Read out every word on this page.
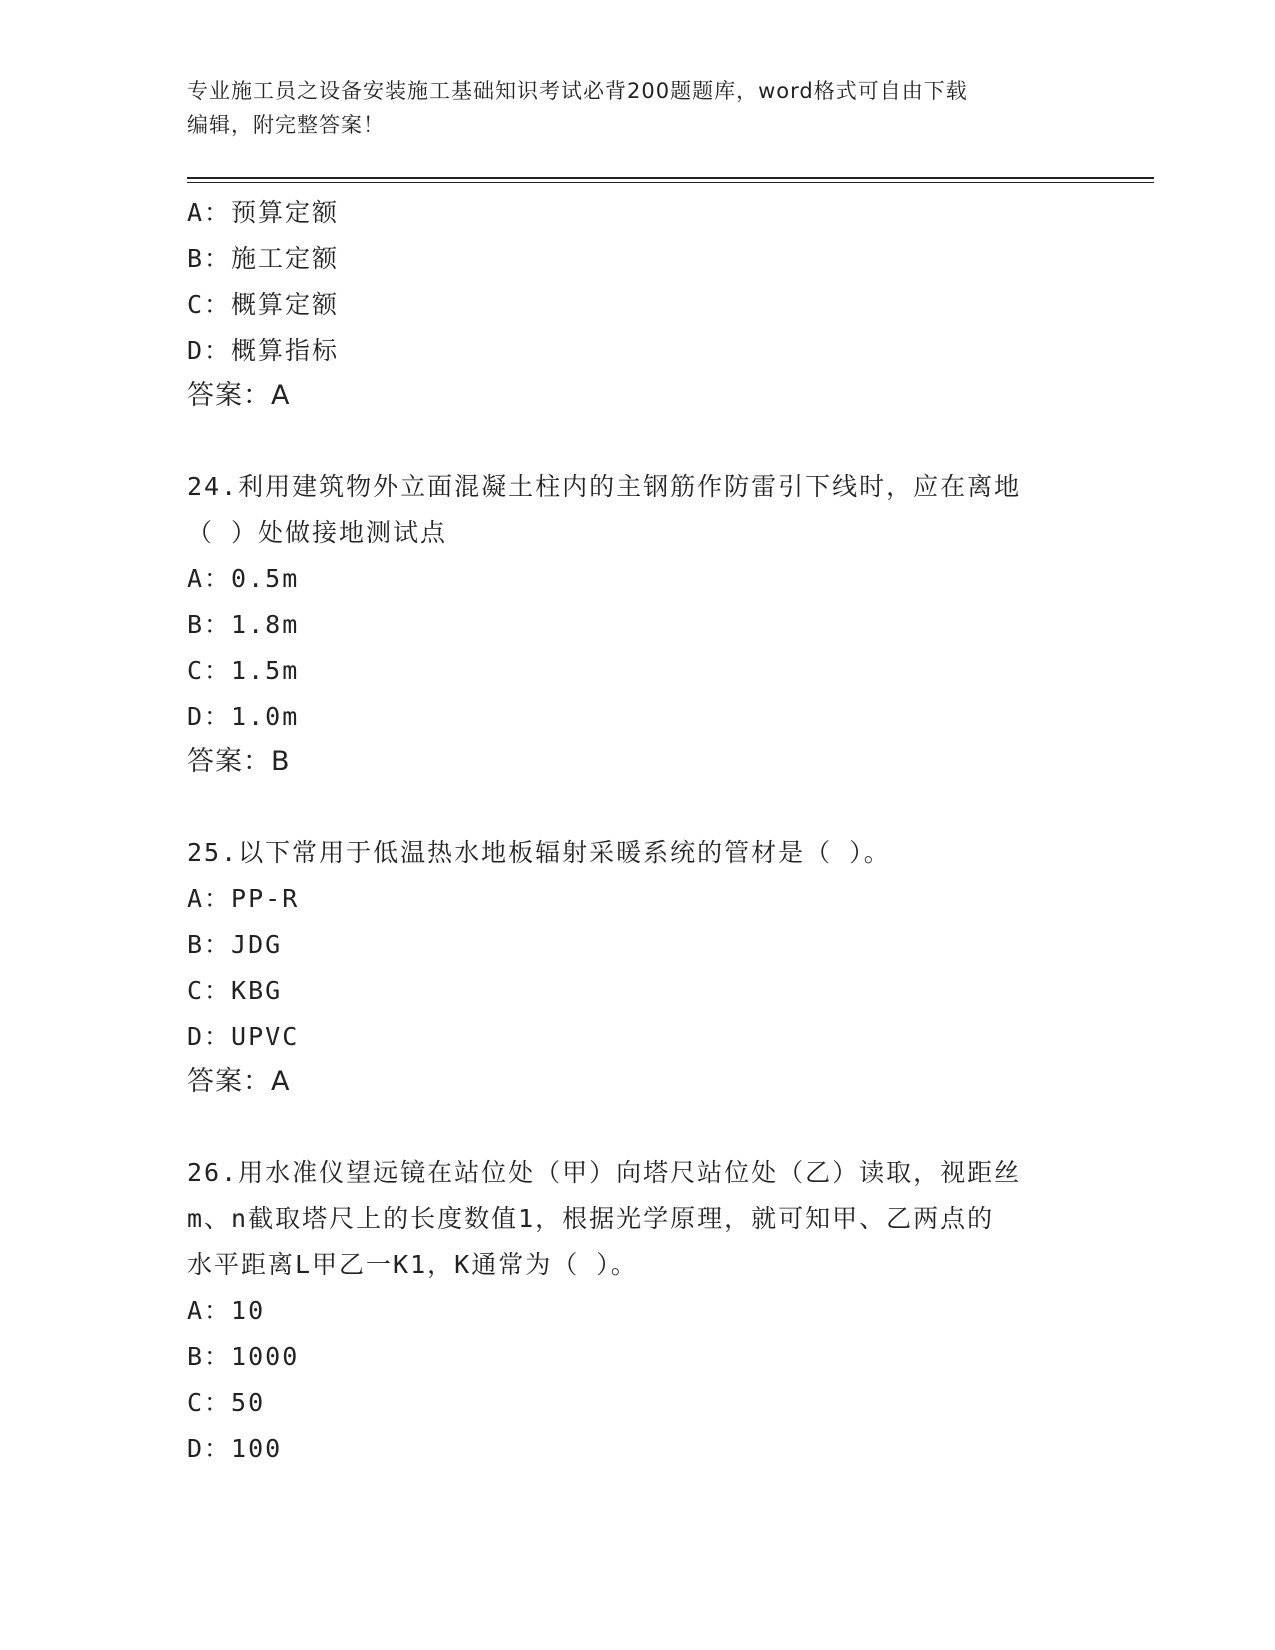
专业施工员之设备安装施工基础知识考试必背200题题库，word格式可自由下载
编辑，附完整答案！
A：预算定额
B：施工定额
C：概算定额
D：概算指标
答案：A
24.利用建筑物外立面混凝土柱内的主钢筋作防雷引下线时，应在离地
（ ）处做接地测试点
A：0.5m
B：1.8m
C：1.5m
D：1.0m
答案：B
25.以下常用于低温热水地板辐射采暖系统的管材是（ ）。
A：PP-R
B：JDG
C：KBG
D：UPVC
答案：A
26.用水准仪望远镜在站位处（甲）向塔尺站位处（乙）读取，视距丝
m、n截取塔尺上的长度数值1，根据光学原理，就可知甲、乙两点的
水平距离L甲乙一K1，K通常为（ ）。
A：10
B：1000
C：50
D：100
